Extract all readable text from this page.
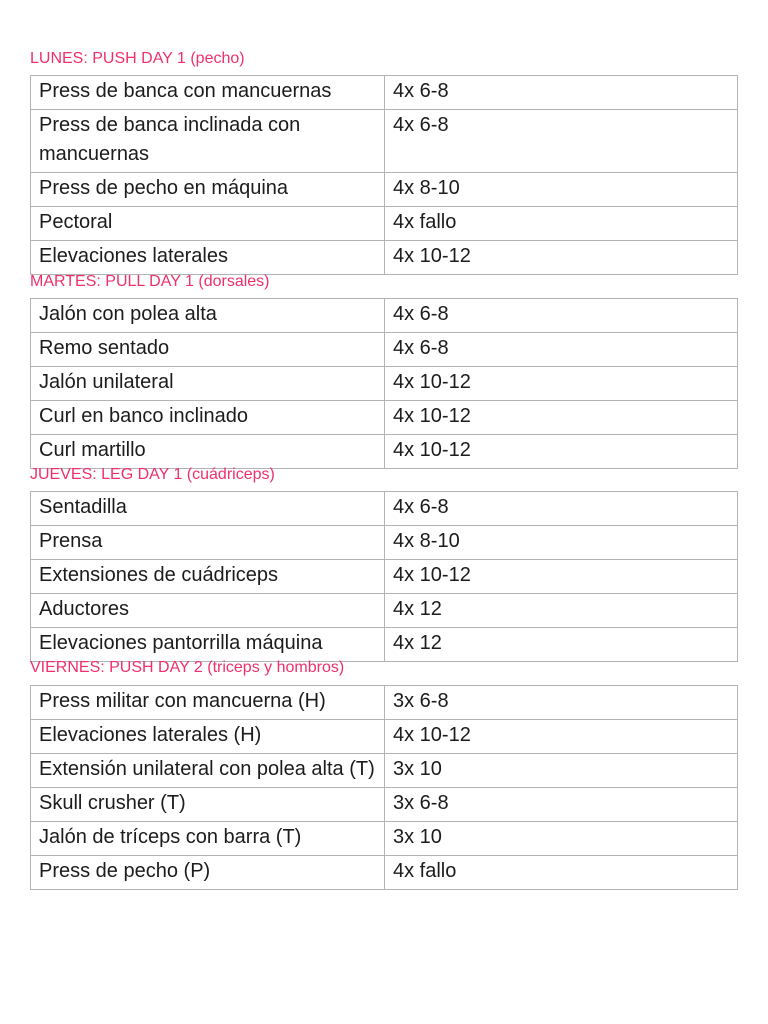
LUNES: PUSH DAY 1 (pecho)
Press de banca con mancuernas	4x 6-8
Press de banca inclinada con mancuernas	4x 6-8
Press de pecho en máquina	4x 8-10
Pectoral	4x fallo
Elevaciones laterales	4x 10-12
MARTES: PULL DAY 1 (dorsales)
Jalón con polea alta	4x 6-8
Remo sentado	4x 6-8
Jalón unilateral	4x 10-12
Curl en banco inclinado	4x 10-12
Curl martillo	4x 10-12
JUEVES: LEG DAY 1 (cuádriceps)
Sentadilla	4x 6-8
Prensa	4x 8-10
Extensiones de cuádriceps	4x 10-12
Aductores	4x 12
Elevaciones pantorrilla máquina	4x 12
VIERNES: PUSH DAY 2 (triceps y hombros)
Press militar con mancuerna (H)	3x 6-8
Elevaciones laterales (H)	4x 10-12
Extensión unilateral con polea alta (T)	3x 10
Skull crusher (T)	3x 6-8
Jalón de tríceps con barra (T)	3x 10
Press de pecho (P)	4x fallo
